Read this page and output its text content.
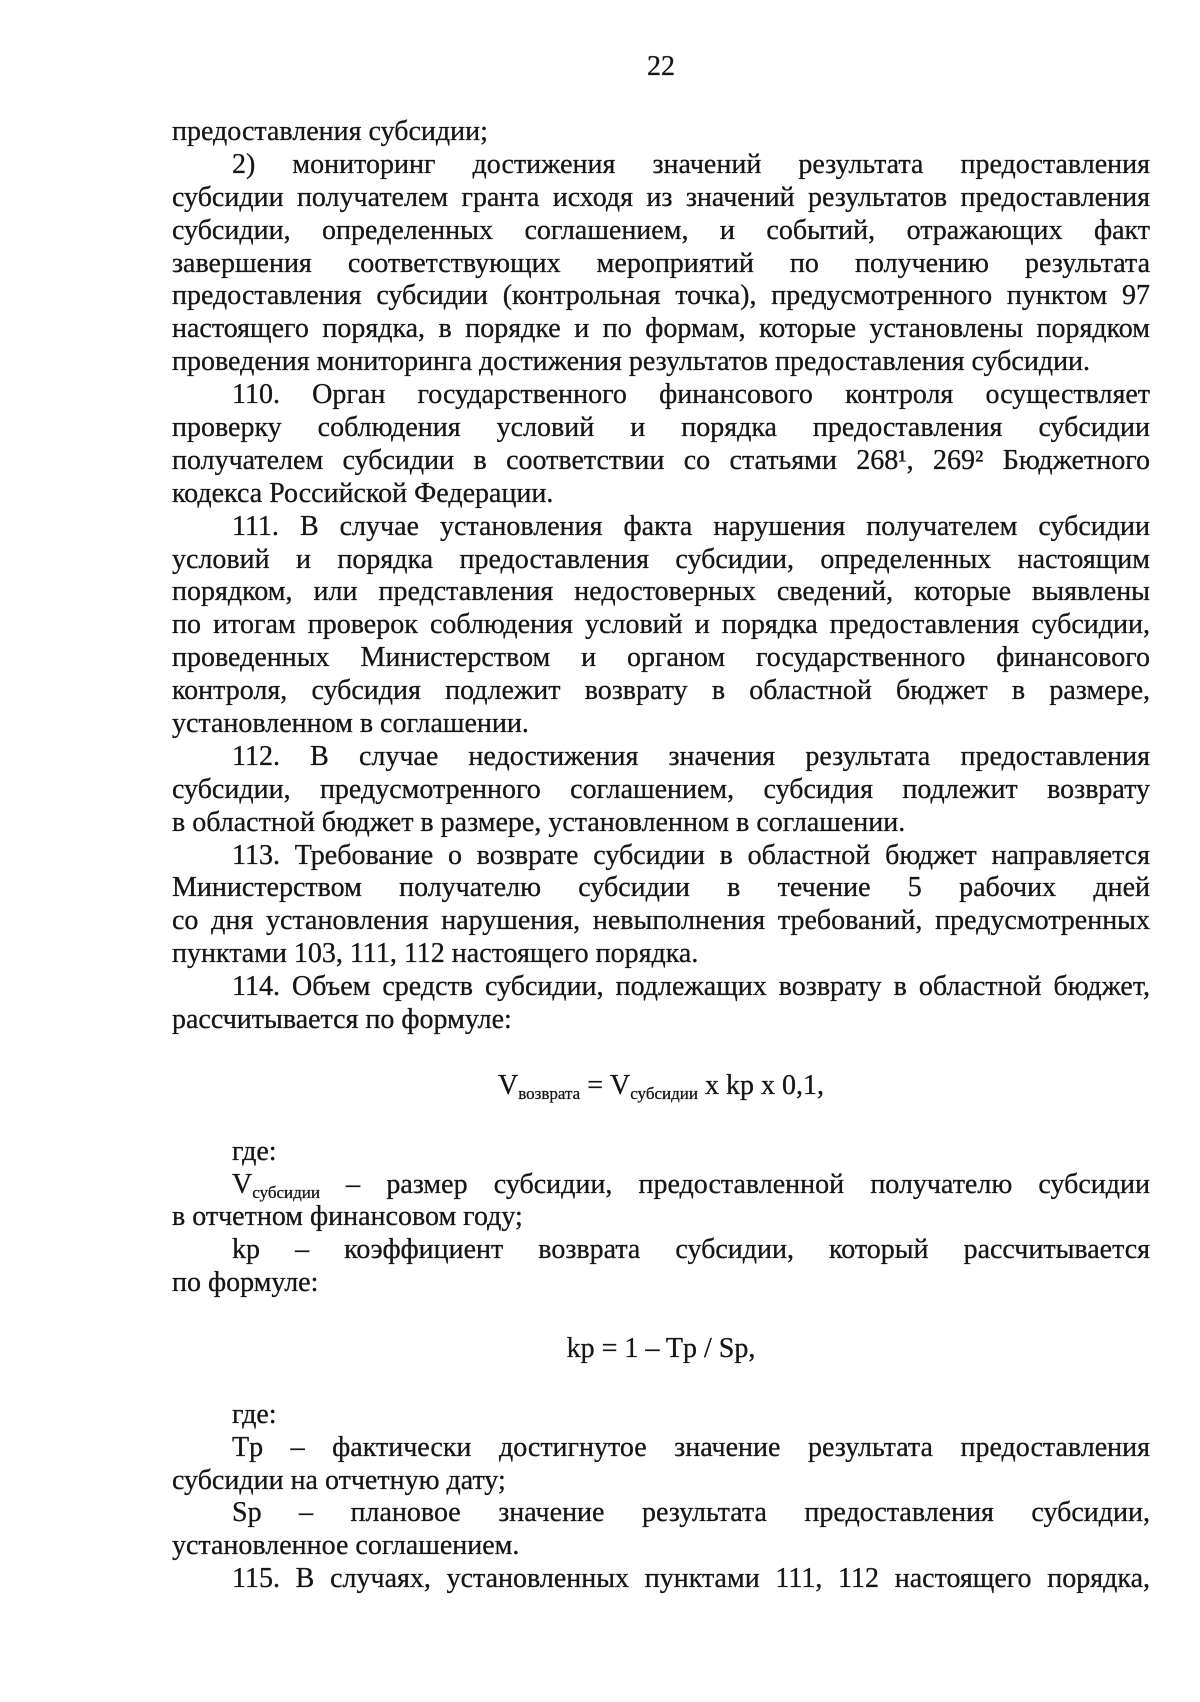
22
предоставления субсидии;
2) мониторинг достижения значений результата предоставления
субсидии получателем гранта исходя из значений результатов предоставления
субсидии, определенных соглашением, и событий, отражающих факт
завершения соответствующих мероприятий по получению результата
предоставления субсидии (контрольная точка), предусмотренного пунктом 97
настоящего порядка, в порядке и по формам, которые установлены порядком
проведения мониторинга достижения результатов предоставления субсидии.
110. Орган государственного финансового контроля осуществляет
проверку соблюдения условий и порядка предоставления субсидии
получателем субсидии в соответствии со статьями 268¹, 269² Бюджетного
кодекса Российской Федерации.
111. В случае установления факта нарушения получателем субсидии
условий и порядка предоставления субсидии, определенных настоящим
порядком, или представления недостоверных сведений, которые выявлены
по итогам проверок соблюдения условий и порядка предоставления субсидии,
проведенных Министерством и органом государственного финансового
контроля, субсидия подлежит возврату в областной бюджет в размере,
установленном в соглашении.
112. В случае недостижения значения результата предоставления
субсидии, предусмотренного соглашением, субсидия подлежит возврату
в областной бюджет в размере, установленном в соглашении.
113. Требование о возврате субсидии в областной бюджет направляется
Министерством получателю субсидии в течение 5 рабочих дней
со дня установления нарушения, невыполнения требований, предусмотренных
пунктами 103, 111, 112 настоящего порядка.
114. Объем средств субсидии, подлежащих возврату в областной бюджет,
рассчитывается по формуле:
$V_{возврата} = V_{субсидии}$ x kp x 0,1,
где:
$V_{субсидии}$ – размер субсидии, предоставленной получателю субсидии
в отчетном финансовом году;
kp – коэффициент возврата субсидии, который рассчитывается
по формуле:
kp = 1 – Tp / Sp,
где:
Tp – фактически достигнутое значение результата предоставления
субсидии на отчетную дату;
Sp – плановое значение результата предоставления субсидии,
установленное соглашением.
115. В случаях, установленных пунктами 111, 112 настоящего порядка,
